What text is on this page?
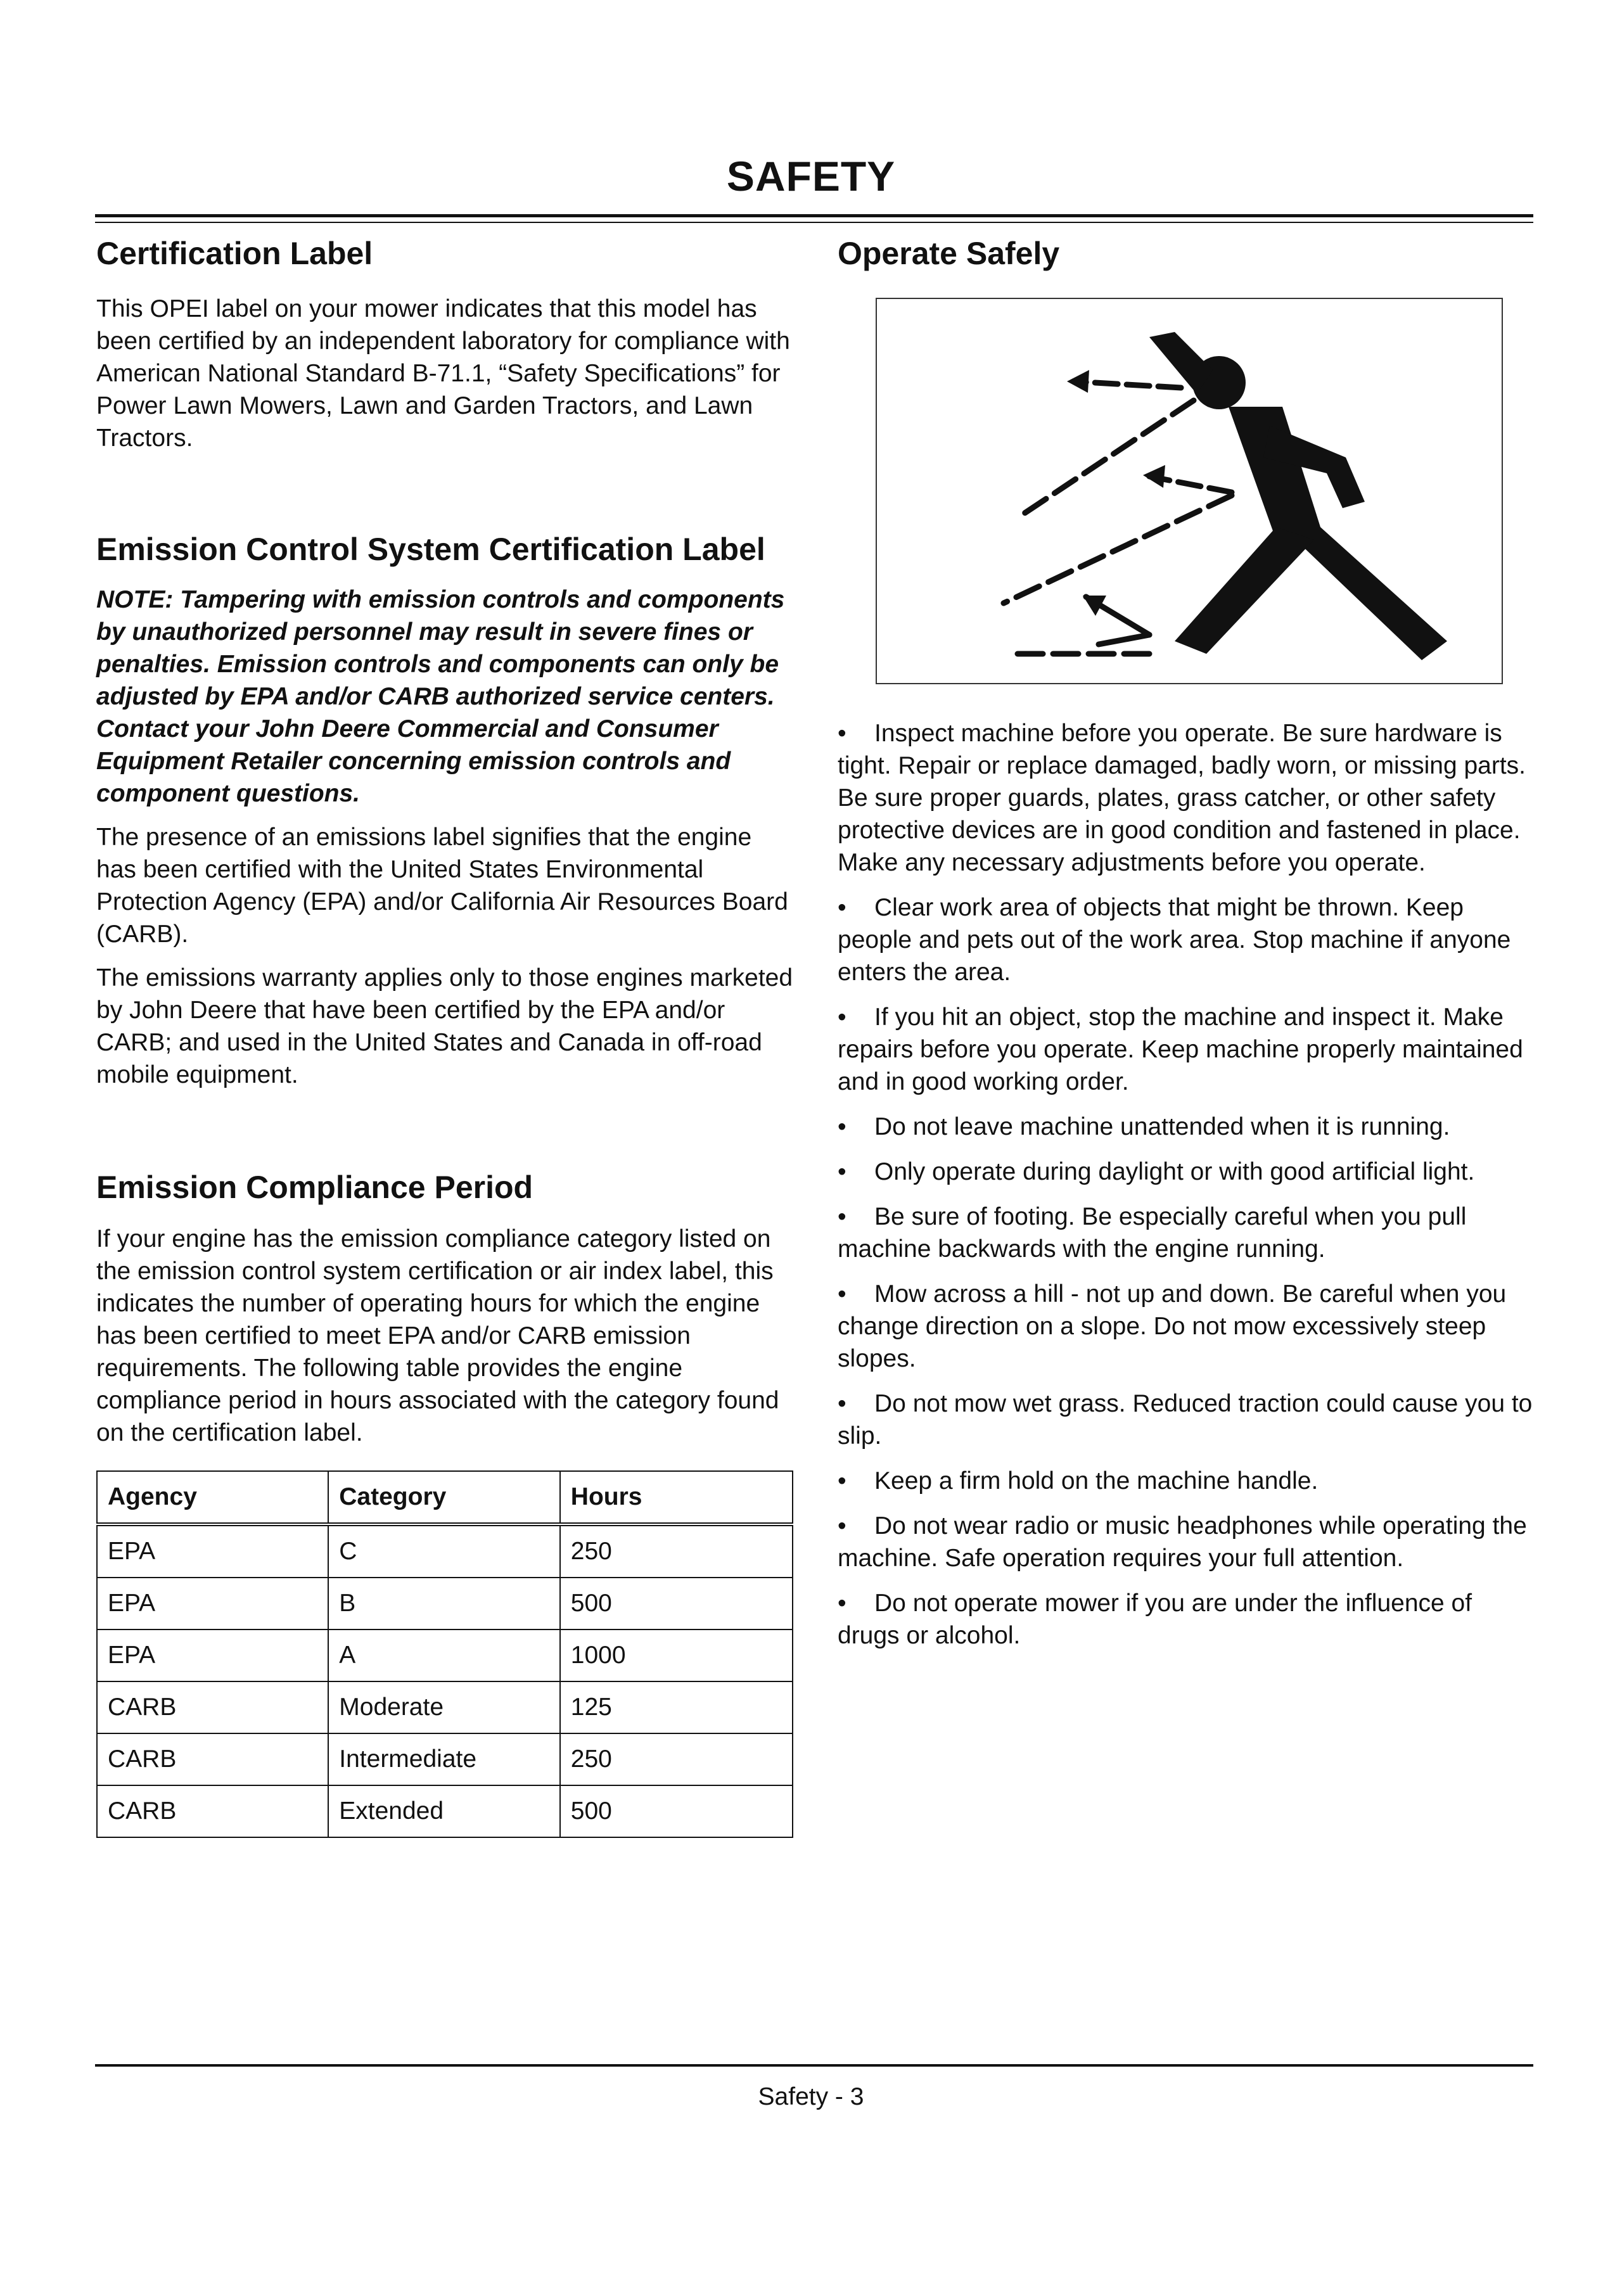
SAFETY
Certification Label

This OPEI label on your mower indicates that this model has been certified by an independent laboratory for compliance with American National Standard B-71.1, “Safety Specifications” for Power Lawn Mowers, Lawn and Garden Tractors, and Lawn Tractors.

Emission Control System Certification Label

NOTE: Tampering with emission controls and components by unauthorized personnel may result in severe fines or penalties. Emission controls and components can only be adjusted by EPA and/or CARB authorized service centers. Contact your John Deere Commercial and Consumer Equipment Retailer concerning emission controls and component questions.

The presence of an emissions label signifies that the engine has been certified with the United States Environmental Protection Agency (EPA) and/or California Air Resources Board (CARB).

The emissions warranty applies only to those engines marketed by John Deere that have been certified by the EPA and/or CARB; and used in the United States and Canada in off-road mobile equipment.

Emission Compliance Period

If your engine has the emission compliance category listed on the emission control system certification or air index label, this indicates the number of operating hours for which the engine has been certified to meet EPA and/or CARB emission requirements. The following table provides the engine compliance period in hours associated with the category found on the certification label.

Agency	Category	Hours
EPA	C	250
EPA	B	500
EPA	A	1000
CARB	Moderate	125
CARB	Intermediate	250
CARB	Extended	500
Operate Safely
• Inspect machine before you operate. Be sure hardware is tight. Repair or replace damaged, badly worn, or missing parts. Be sure proper guards, plates, grass catcher, or other safety protective devices are in good condition and fastened in place. Make any necessary adjustments before you operate.
• Clear work area of objects that might be thrown. Keep people and pets out of the work area. Stop machine if anyone enters the area.
• If you hit an object, stop the machine and inspect it. Make repairs before you operate. Keep machine properly maintained and in good working order.
• Do not leave machine unattended when it is running.
• Only operate during daylight or with good artificial light.
• Be sure of footing. Be especially careful when you pull machine backwards with the engine running.
• Mow across a hill - not up and down. Be careful when you change direction on a slope. Do not mow excessively steep slopes.
• Do not mow wet grass. Reduced traction could cause you to slip.
• Keep a firm hold on the machine handle.
• Do not wear radio or music headphones while operating the machine. Safe operation requires your full attention.
• Do not operate mower if you are under the influence of drugs or alcohol.
Safety - 3
